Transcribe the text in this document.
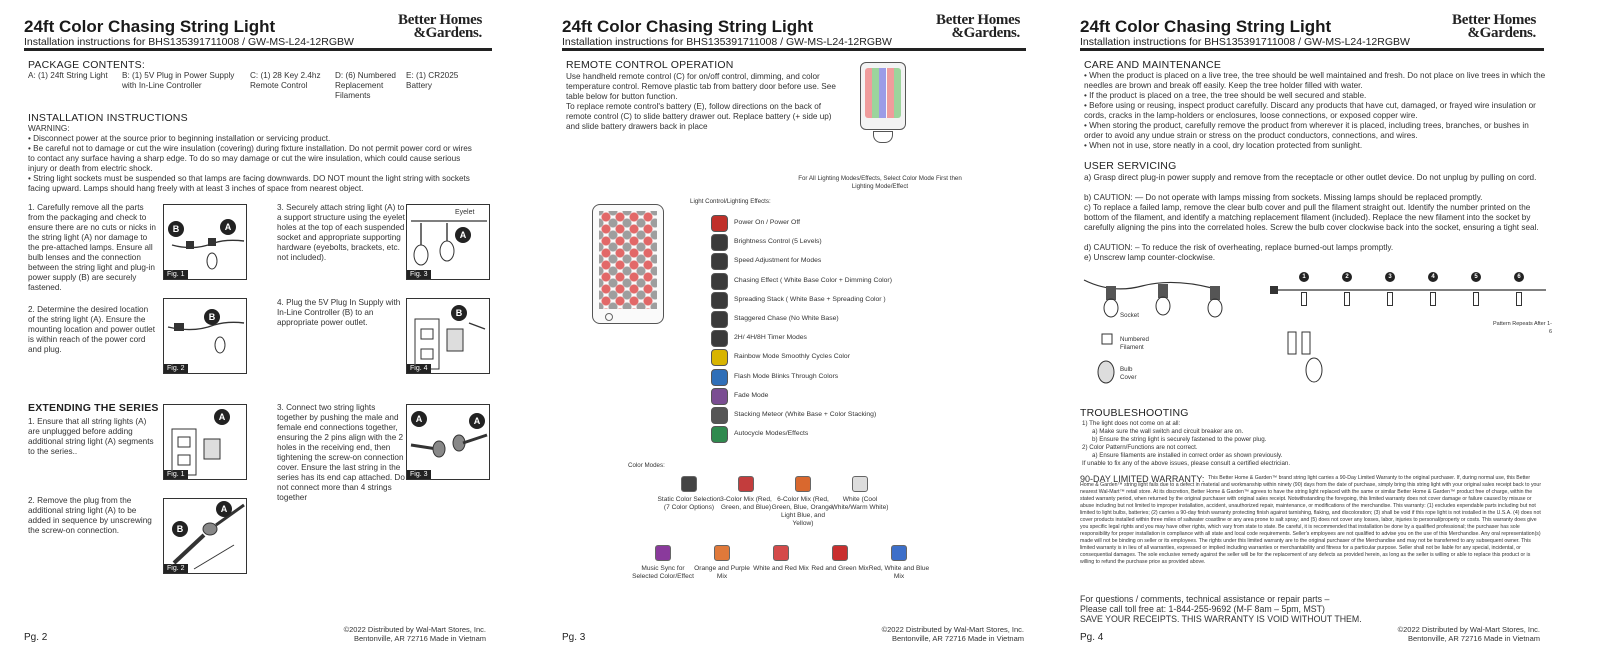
24ft Color Chasing String Light
Installation instructions for BHS135391711008 / GW-MS-L24-12RGBW
Better Homes
&Gardens.
PACKAGE CONTENTS:
A: (1) 24ft String Light	B: (1) 5V Plug in Power Supply with In-Line Controller
C: (1) 28 Key 2.4hz Remote Control
D: (6) Numbered Replacement Filaments
E: (1) CR2025 Battery
INSTALLATION INSTRUCTIONS
WARNING:
• Disconnect power at the source prior to beginning installation or servicing product.
• Be careful not to damage or cut the wire insulation (covering) during fixture installation. Do not permit power cord or wires to contact any surface having a sharp edge. To do so may damage or cut the wire insulation, which could cause serious injury or death from electric shock.
• String light sockets must be suspended so that lamps are facing downwards. DO NOT mount the light string with sockets facing upward. Lamps should hang freely with at least 3 inches of space from nearest object.
1. Carefully remove all the parts from the packaging and check to ensure there are no cuts or nicks in the string light (A) nor damage to the pre-attached lamps. Ensure all bulb lenses and the connection between the string light and plug-in power supply (B) are securely fastened.
B	A
Fig. 1
3. Securely attach string light (A) to a support structure using the eyelet holes at the top of each suspended socket and appropriate supporting hardware (eyebolts, brackets, etc. not included).
Eyelet
A
Fig. 3
2. Determine the desired location of the string light (A). Ensure the mounting location and power outlet is within reach of the power cord and plug.
B
Fig. 2
4. Plug the 5V Plug In Supply with In-Line Controller (B) to an appropriate power outlet.
B
Fig. 4
EXTENDING THE SERIES
1. Ensure that all string lights (A) are unplugged before adding additional string light (A) segments to the series..
A
Fig. 1
3. Connect two string lights together by pushing the male and female end connections together, ensuring the 2 pins align with the 2 holes in the receiving end, then tightening the screw-on connection cover. Ensure the last string in the series has its end cap attached. Do not connect more than 4 strings together
A	A
Fig. 3
2. Remove the plug from the additional string light (A) to be added in sequence by unscrewing the screw-on connection.	B
A
Fig. 2
Pg. 2
©2022 Distributed by Wal-Mart Stores, Inc.
Bentonville, AR 72716 Made in Vietnam
24ft Color Chasing String Light
Installation instructions for BHS135391711008 / GW-MS-L24-12RGBW
Better Homes
&Gardens.
REMOTE CONTROL OPERATION
Use handheld remote control (C) for on/off control, dimming, and color temperature control. Remove plastic tab from battery door before use. See table below for button function.
To replace remote control's battery (E), follow directions on the back of remote control (C) to slide battery drawer out. Replace battery (+ side up) and slide battery drawers back in place
For All Lighting Modes/Effects, Select Color Mode First then Lighting Mode/Effect
Light Control/Lighting Effects:
Power On / Power Off
Brightness Control (5 Levels)
Speed Adjustment for Modes
Chasing Effect ( White Base Color + Dimming Color)
Spreading Stack ( White Base + Spreading Color )
Staggered Chase (No White Base)
2H/ 4H/8H Timer Modes
Rainbow Mode Smoothly Cycles Color
Flash Mode Blinks Through Colors
Fade Mode
Stacking Meteor (White Base + Color Stacking)
Autocycle Modes/Effects
Color Modes:
Static Color Selection (7 Color Options)
3-Color Mix (Red, Green, and Blue)
6-Color Mix (Red, Green, Blue, Orange, Light Blue, and Yellow)
White (Cool White/Warm White)
Music Sync for Selected Color/Effect
Orange and Purple Mix
White and Red Mix Red and Green Mix Red, White and Blue Mix
Pg. 3
©2022 Distributed by Wal-Mart Stores, Inc.
Bentonville, AR 72716 Made in Vietnam
24ft Color Chasing String Light
Installation instructions for BHS135391711008 / GW-MS-L24-12RGBW
Better Homes
&Gardens.
CARE AND MAINTENANCE
• When the product is placed on a live tree, the tree should be well maintained and fresh. Do not place on live trees in which the needles are brown and break off easily. Keep the tree holder filled with water.
• If the product is placed on a tree, the tree should be well secured and stable.
• Before using or reusing, inspect product carefully. Discard any products that have cut, damaged, or frayed wire insulation or cords, cracks in the lamp-holders or enclosures, loose connections, or exposed copper wire.
• When storing the product, carefully remove the product from wherever it is placed, including trees, branches, or bushes in order to avoid any undue strain or stress on the product conductors, connections, and wires.
• When not in use, store neatly in a cool, dry location protected from sunlight.
USER SERVICING
a) Grasp direct plug-in power supply and remove from the receptacle or other outlet device. Do not unplug by pulling on cord.
b) CAUTION: — Do not operate with lamps missing from sockets. Missing lamps should be replaced promptly.
c) To replace a failed lamp, remove the clear bulb cover and pull the filament straight out. Identify the number printed on the bottom of the filament, and identify a matching replacement filament (included). Replace the new filament into the socket by carefully aligning the pins into the correlated holes. Screw the bulb cover clockwise back into the socket, ensuring a tight seal.
d) CAUTION: – To reduce the risk of overheating, replace burned-out lamps promptly.
e) Unscrew lamp counter-clockwise.
Socket
Numbered Filament
Bulb Cover
1	2	3	4	5	6
Pattern Repeats After 1-6
TROUBLESHOOTING
1) The light does not come on at all:
a) Make sure the wall switch and circuit breaker are on.
b) Ensure the string light is securely fastened to the power plug.
2) Color Pattern/Functions are not correct.
a) Ensure filaments are installed in correct order as shown previously.
If unable to fix any of the above issues, please consult a certified electrician.
90-DAY LIMITED WARRANTY: This Better Home & Garden™ brand string light carries a 90-Day Limited Warranty to the original purchaser. If, during normal use, this Better Home & Garden™ string light fails due to a defect in material and workmanship within ninety (90) days from the date of purchase, simply bring this string light with your original sales receipt back to your nearest Wal-Mart™ retail store. At its discretion, Better Home & Garden™ agrees to have the string light replaced with the same or similar Better Home & Garden™ product free of charge, within the stated warranty period, when returned by the original purchaser with original sales receipt. Notwithstanding the foregoing, this limited warranty does not cover damage or failure caused by misuse or abuse including but not limited to improper installation, accident, unauthorized repair, maintenance, or modifications of the merchandise. This warranty: (1) excludes expendable parts including but not limited to light bulbs, batteries; (2) carries a 90-day finish warranty protecting finish against tarnishing, flaking, and discoloration; (3) shall be void if this rope light is not installed in the U.S.A. (4) does not cover products installed within three miles of saltwater coastline or any area prone to salt spray; and (5) does not cover any losses, labor, injuries to personal/property or costs. This warranty does give you specific legal rights and you may have other rights, which vary from state to state. Be careful, it is recommended that installation be done by a qualified professional; the purchaser has sole responsibility for proper installation in compliance with all state and local code requirements. Seller's employees are not qualified to advise you on the use of this Merchandise. Any oral representation(s) made will not be binding on seller or its employees. The rights under this limited warranty are to the original purchaser of the Merchandise and may not be transferred to any subsequent owner. This limited warranty is in lieu of all warranties, expressed or implied including warranties or merchantability and fitness for a particular purpose. Seller shall not be liable for any special, incidental, or consequential damages. The sole exclusive remedy against the seller will be for the replacement of any defects as provided herein, as long as the seller is willing or able to replace this product or is willing to refund the purchase price as provided above.
For questions / comments, technical assistance or repair parts –
Please call toll free at: 1-844-255-9692 (M-F 8am – 5pm, MST)
SAVE YOUR RECEIPTS. THIS WARRANTY IS VOID WITHOUT THEM.
Pg. 4
©2022 Distributed by Wal-Mart Stores, Inc.
Bentonville, AR 72716 Made in Vietnam
